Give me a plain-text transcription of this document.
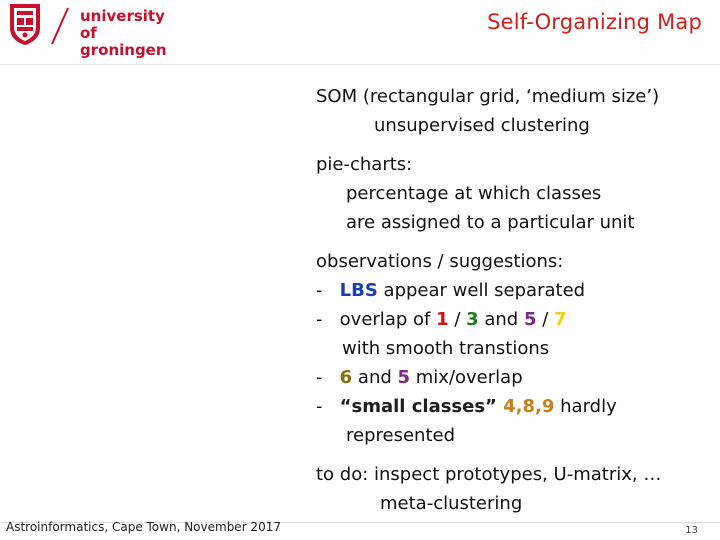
university of
groningen
Self-Organizing Map
SOM (rectangular grid, ‘medium size’)
unsupervised clustering
pie-charts:
percentage at which classes
are assigned to a particular unit
observations / suggestions:
- LBS appear well separated
- overlap of 1 / 3 and 5 / 7
with smooth transtions
- 6 and 5 mix/overlap
- “small classes” 4,8,9 hardly
represented
to do: inspect prototypes, U-matrix, …
meta-clustering
Astroinformatics, Cape Town, November 2017	13
